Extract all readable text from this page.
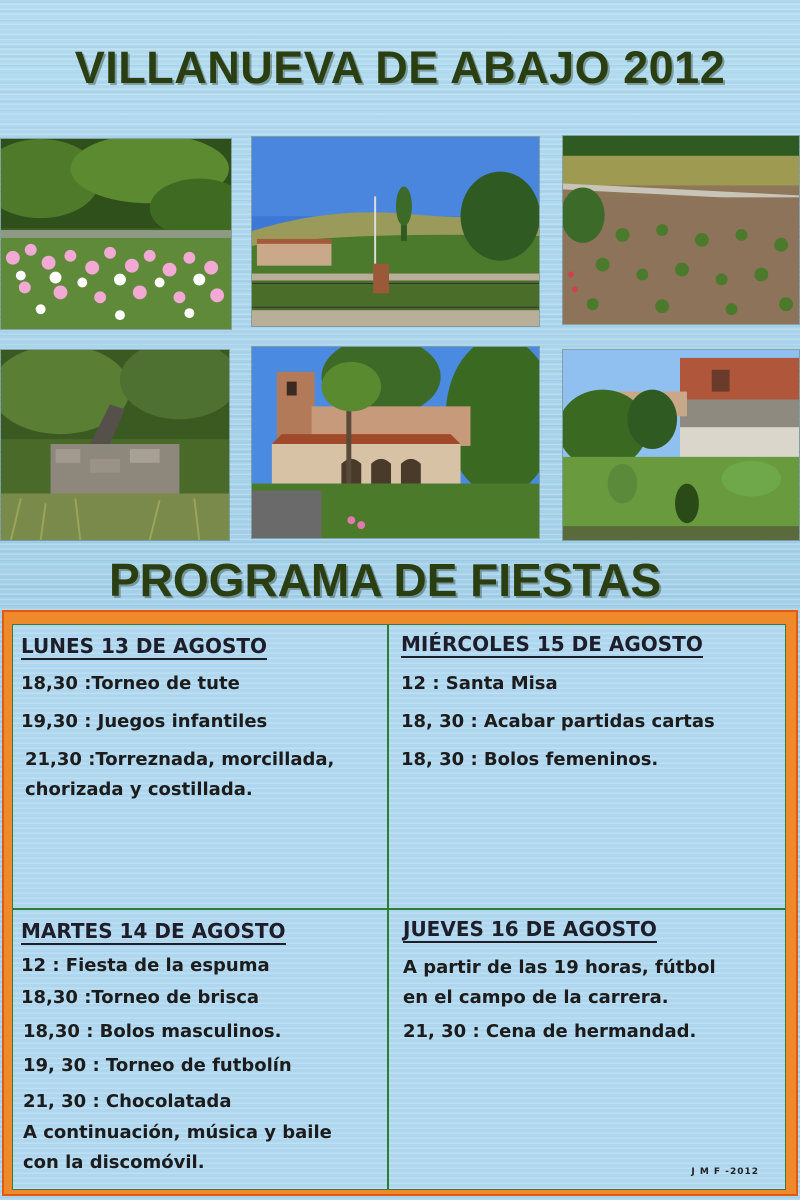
VILLANUEVA DE ABAJO 2012
PROGRAMA DE FIESTAS
LUNES 13 DE AGOSTO
18,30 :Torneo de tute
19,30 : Juegos infantiles
21,30 :Torreznada, morcillada,
chorizada y costillada.
MIÉRCOLES 15 DE AGOSTO
12 : Santa Misa
18, 30 : Acabar partidas cartas
18, 30 : Bolos femeninos.
MARTES 14 DE AGOSTO
12 : Fiesta de la espuma
18,30 :Torneo de brisca
18,30 : Bolos masculinos.
19, 30 : Torneo de futbolín
21, 30 : Chocolatada
A continuación, música y baile
con la discomóvil.
JUEVES 16 DE AGOSTO
A partir de las 19 horas, fútbol
en el campo de la carrera.
21, 30 : Cena de hermandad.
J M F -2012
